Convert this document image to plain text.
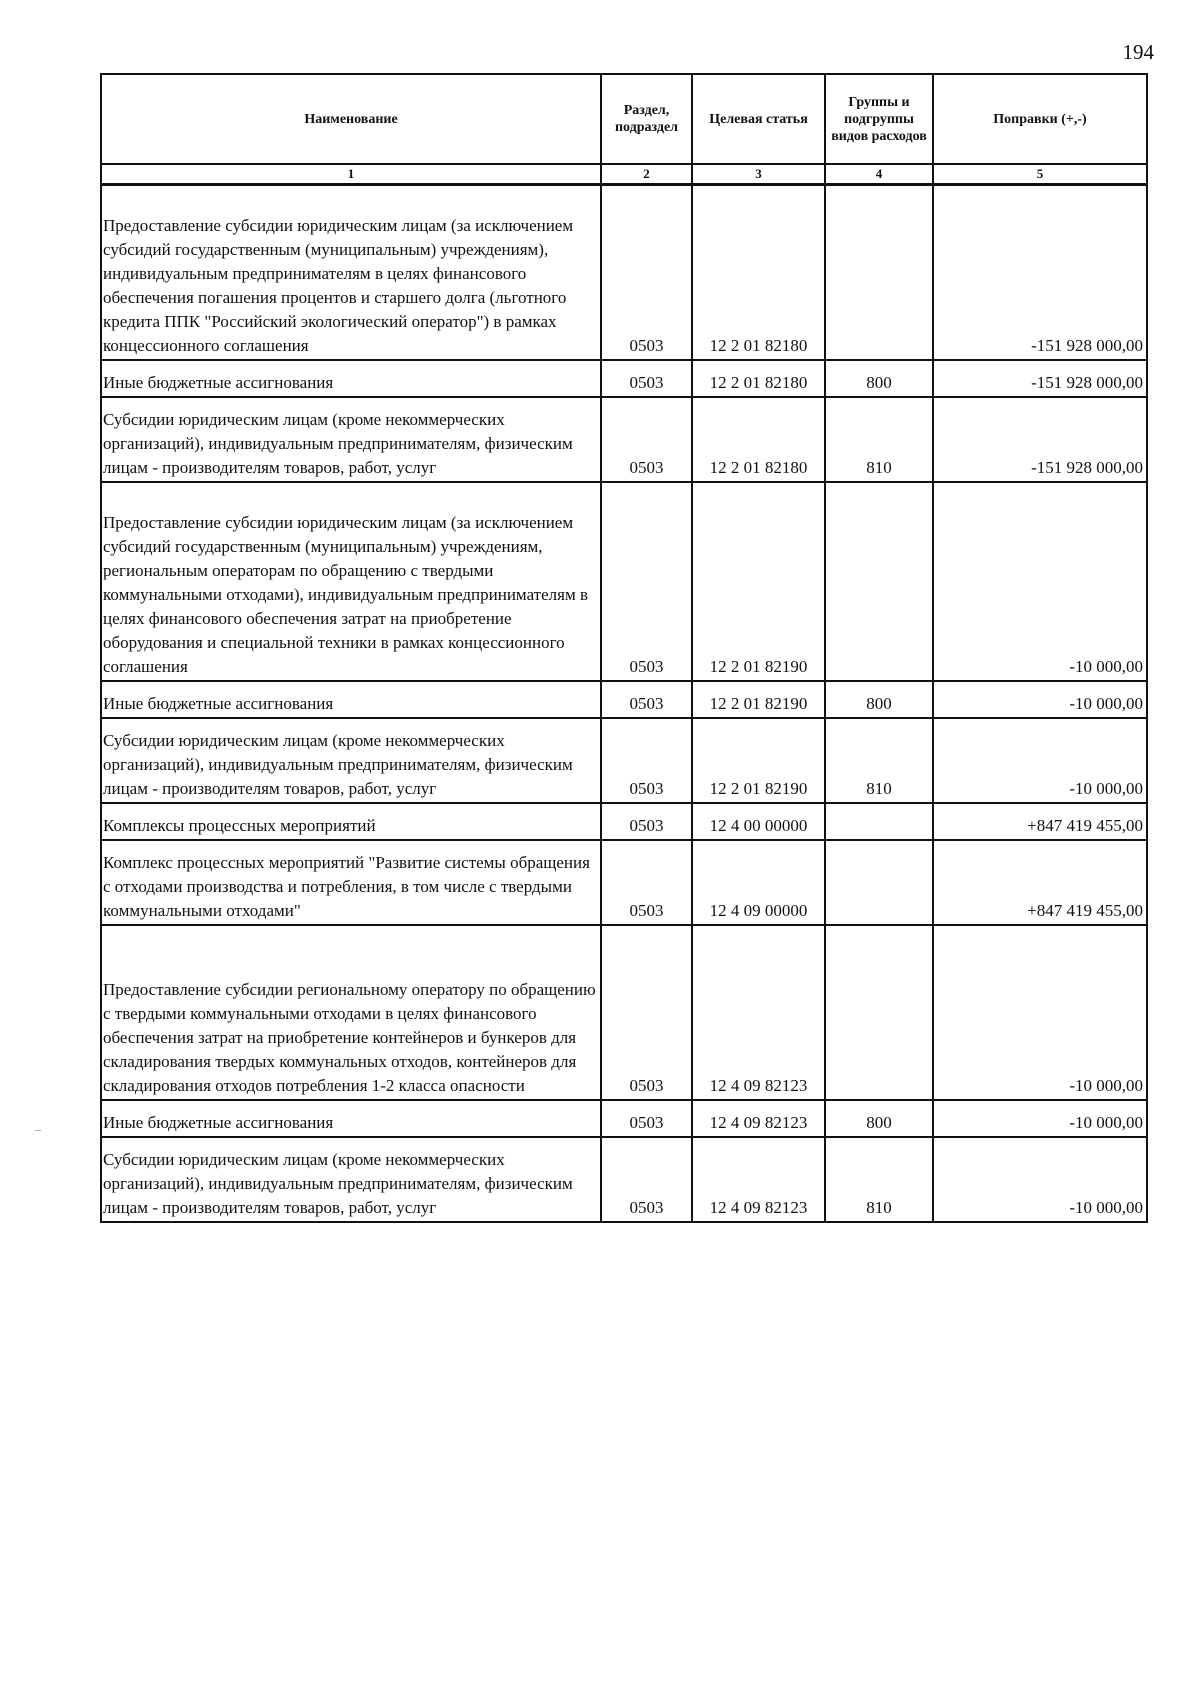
194
Наименование	Раздел, подраздел	Целевая статья	Группы и подгруппы видов расходов	Поправки (+,-)
1	2	3	4	5
Предоставление субсидии юридическим лицам (за исключением субсидий государственным (муниципальным) учреждениям), индивидуальным предпринимателям в целях финансового обеспечения погашения процентов и старшего долга (льготного кредита ППК "Российский экологический оператор") в рамках концессионного соглашения	0503	12 2 01 82180		-151 928 000,00
Иные бюджетные ассигнования	0503	12 2 01 82180	800	-151 928 000,00
Субсидии юридическим лицам (кроме некоммерческих организаций), индивидуальным предпринимателям, физическим лицам - производителям товаров, работ, услуг	0503	12 2 01 82180	810	-151 928 000,00
Предоставление субсидии юридическим лицам (за исключением субсидий государственным (муниципальным) учреждениям, региональным операторам по обращению с твердыми коммунальными отходами), индивидуальным предпринимателям в целях финансового обеспечения затрат на приобретение оборудования и специальной техники в рамках концессионного соглашения	0503	12 2 01 82190		-10 000,00
Иные бюджетные ассигнования	0503	12 2 01 82190	800	-10 000,00
Субсидии юридическим лицам (кроме некоммерческих организаций), индивидуальным предпринимателям, физическим лицам - производителям товаров, работ, услуг	0503	12 2 01 82190	810	-10 000,00
Комплексы процессных мероприятий	0503	12 4 00 00000		+847 419 455,00
Комплекс процессных мероприятий "Развитие системы обращения с отходами производства и потребления, в том числе с твердыми коммунальными отходами"	0503	12 4 09 00000		+847 419 455,00
Предоставление субсидии региональному оператору по обращению с твердыми коммунальными отходами в целях финансового обеспечения затрат на приобретение контейнеров и бункеров для складирования твердых коммунальных отходов, контейнеров для складирования отходов потребления 1-2 класса опасности	0503	12 4 09 82123		-10 000,00
Иные бюджетные ассигнования	0503	12 4 09 82123	800	-10 000,00
Субсидии юридическим лицам (кроме некоммерческих организаций), индивидуальным предпринимателям, физическим лицам - производителям товаров, работ, услуг	0503	12 4 09 82123	810	-10 000,00
